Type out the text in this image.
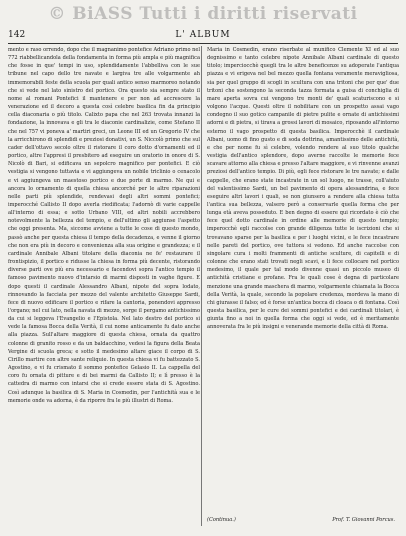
© BiASS Tutti i diritti riservati
142	L' ALBUM

mento e raso orrendo, dopo che il magnanimo pontefice Adriano primo nel 772 riabbellicandola della fondamenta in forma più ampla e più magnifica che fosse in que' tempi in uso, splendidamente l'abbelliva con le sue tribune nel capo dello tre navate e largiva tre alle volgarmente ah immemorabili feste della scuola per quali antico senso marmoreo notando che si vede nel lato sinistro del portico. Ora questo sia sempre stato il nome al romani Pontefici il mantenere e per non ad accrescere la venerazione ed il decoro a questa così celebre basilica fin da principio cella diaconaria o più titolo. Calixto papa che nel 263 trovata innanzi la fondazione, la innovava e gli tra le diaconie cardinalizie, come Stefano II che nel 757 vi poneva a' martiri greci, un Leone III ed un Gregorio IV che la arricchirono di splendidi e preziosi donativi, un S. Niccolò primo che sul cader dell'ottavo secolo oltre il ristorare il coro dotto d'ornamenti ed il portico, altre l'appresi il presbitero ad eseguire un oratorio in onore di S. Nicolò di Bari, si edificava un sepolcro magnifico per pontefici. E ciò vestigia si vengono tuttavia e vi aggiungeva un nobile triclinio o cenacolo e vi aggiungeva un maestoso portico e due porte di marmo. Ne qui e ancora lo ornamento di quella chiesa ancorché per le altre riparazioni nelle parti più splendide, rendevasi degli altri sommi pontefici; imperocché Callisto II dopo averla riedificata; l'adornò di varie cappelle all'interno di essa; e sotto Urbano VIII, ed altri nobili accrebbero notevolmente la bellezza del tempio, e dell'ultimo gli aggiunse l'aspetto che oggi presenta. Ma, siccome avviene a tutte le cose di questo mondo, passò anche per questa chiesa il tempo della decadenza, e venne il giorno che non era più in decoro e convenienza alla sua origine e grandezza; e il cardinale Annibale Albani titolare della diaconia ne fe' restaurare il frontispizio, il portico e ridusse la chiesa in forma più decente, ristorando diverse parti ove più era necessario e facendovi sopra l'antico tempio il famoso pavimento nuovo d'intarsio di marmi disposti in vaghe figure. E dopo questi il cardinale Alessandro Albani, nipote del sopra lodato, rinnovando la facciata per mezzo del valente architetto Giuseppe Sardi, fece di nuovo edificare il portico e rifare la cantoria, ponendovi appresso l'organo; nel cui lato, nella navata di mezzo, sorge il pergamo antichissimo da cui si leggeva l'Evangelio e l'Epistola. Nel lato destro del portico si vede la famosa Bocca della Verità, il cui nome anticamente fu dato anche alla piazza. Sull'altare maggiore di questa chiesa, ornata da quattro colonne di granito rosso e da un baldacchino, vedesi la figura della Beata Vergine di scuola greca; e sotto il medesimo altare giace il corpo di S. Cirillo martire con altre sante reliquie. In questa chiesa vi fu battezzato S. Agostino, e vi fu crismato il sommo pontefice Gelasio II. La cappella del coro fu ornata di pitture e di bei marmi da Callisto II; e lì presso è la cattedra di marmo con intarsi che si crede essere stata di S. Agostino. Così adunque la basilica di S. Maria in Cosmedin, per l'antichità sua e le memorie onde va adorna, è da riporre fra le più illustri di Roma.

Maria in Cosmedin, erano riserbate al munifico Clemente XI ed al suo degnissimo e tanto celebre nipote Annibale Albani cardinale di questo titolo; imperciocchè quegli tra le altre beneficenze su adoperate l'antiqua piazza e vi erigeva nel bel mezzo quella fontana veramente meravigliosa, sia per quel gruppo di scogli in scultura con una tritoni che per que' due tritoni che sostengono la seconda tazza formata a guisa di conchiglia di mare aperta sovra cui vengono tre monti de' quali scaturiscono e si volgono l'acque. Questi oltre il nobilitare con un prospetto assai vago condegno il suo gotico campanile di pietre pulite e ornate di antichissimi adorni e di pietra, si tirava a grossi lavori di mosaico, riposando all'intorno esterno il vago prospetto di questa basilica. Imperocchè il cardinale Albani, uomo di fino gusto e di soda dottrina, amantissimo delle antichità, e che per nome fu sì celebre, volendo rendere al suo titolo qualche vestigia dell'antico splendore, dopo averne raccolte le memorie fece scavare attorno alla chiesa e presso l'altare maggiore, e vi rinvenne avanzi preziosi dell'antico tempio. Di più, egli fece ristorare le tre navate; e dalle cappelle, che erano state incastrate in un sol luogo, ne trasse, coll'aiuto del valentissimo Sardi, un bel pavimento di opera alessandrina, e fece eseguire altri lavori i quali, se non giunsero a rendere alla chiesa tutta l'antica sua bellezza, valsero però a conservarle quella forma che per lunga età aveva posseduto. E ben degno di essere qui ricordato è ciò che fece quel dotto cardinale in ordine alle memorie di questo tempio; imperocchè egli raccolse con grande diligenza tutte le iscrizioni che si trovavano sparse per la basilica e per i luoghi vicini, e le fece incastrare nelle pareti del portico, ove tuttora si vedono. Ed anche raccolse con singolare cura i molti frammenti di antiche sculture, di capitelli e di colonne che erano stati trovati negli scavi, e li fece collocare nel portico medesimo, il quale per tal modo divenne quasi un piccolo museo di antichità cristiane e profane. Fra le quali cose è degna di particolare menzione una grande maschera di marmo, volgarmente chiamata la Bocca della Verità, la quale, secondo la popolare credenza, mordeva la mano di chi giurasse il falso; ed è forse un'antica bocca di cloaca o di fontana. Così questa basilica, per le cure dei sommi pontefici e dei cardinali titolari, è giunta fino a noi in quella forma che oggi si vede, ed è meritamente annoverata fra le più insigni e venerande memorie della città di Roma.

(Continua.)	Prof. T. Giovanni Porcus.
